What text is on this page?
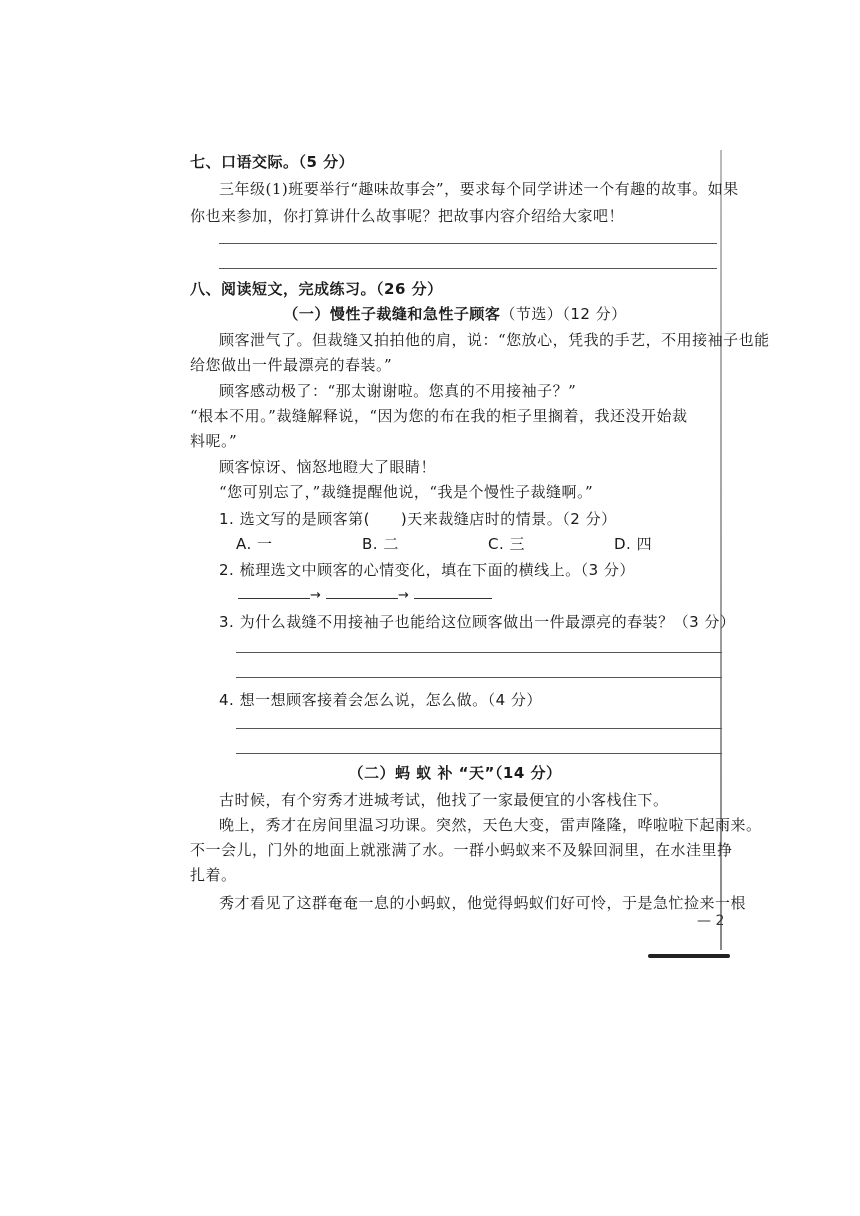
七、口语交际。（5 分）
三年级(1)班要举行“趣味故事会”，要求每个同学讲述一个有趣的故事。如果
你也来参加，你打算讲什么故事呢？把故事内容介绍给大家吧！
八、阅读短文，完成练习。（26 分）
（一）慢性子裁缝和急性子顾客（节选）（12 分）
顾客泄气了。但裁缝又拍拍他的肩，说：“您放心，凭我的手艺，不用接袖子也能
给您做出一件最漂亮的春装。”
顾客感动极了：“那太谢谢啦。您真的不用接袖子？”
“根本不用。”裁缝解释说，“因为您的布在我的柜子里搁着，我还没开始裁
料呢。”
顾客惊讶、恼怒地瞪大了眼睛！
“您可别忘了，”裁缝提醒他说，“我是个慢性子裁缝啊。”
1. 选文写的是顾客第(　　)天来裁缝店时的情景。（2 分）
A. 一	B. 二	C. 三	D. 四
2. 梳理选文中顾客的心情变化，填在下面的横线上。（3 分）
→	→
3. 为什么裁缝不用接袖子也能给这位顾客做出一件最漂亮的春装？（3 分）
4. 想一想顾客接着会怎么说，怎么做。（4 分）
（二）蚂 蚁 补 “天”（14 分）
古时候，有个穷秀才进城考试，他找了一家最便宜的小客栈住下。
晚上，秀才在房间里温习功课。突然，天色大变，雷声隆隆，哗啦啦下起雨来。
不一会儿，门外的地面上就涨满了水。一群小蚂蚁来不及躲回洞里，在水洼里挣
扎着。
秀才看见了这群奄奄一息的小蚂蚁，他觉得蚂蚁们好可怜，于是急忙捡来一根
— 2
